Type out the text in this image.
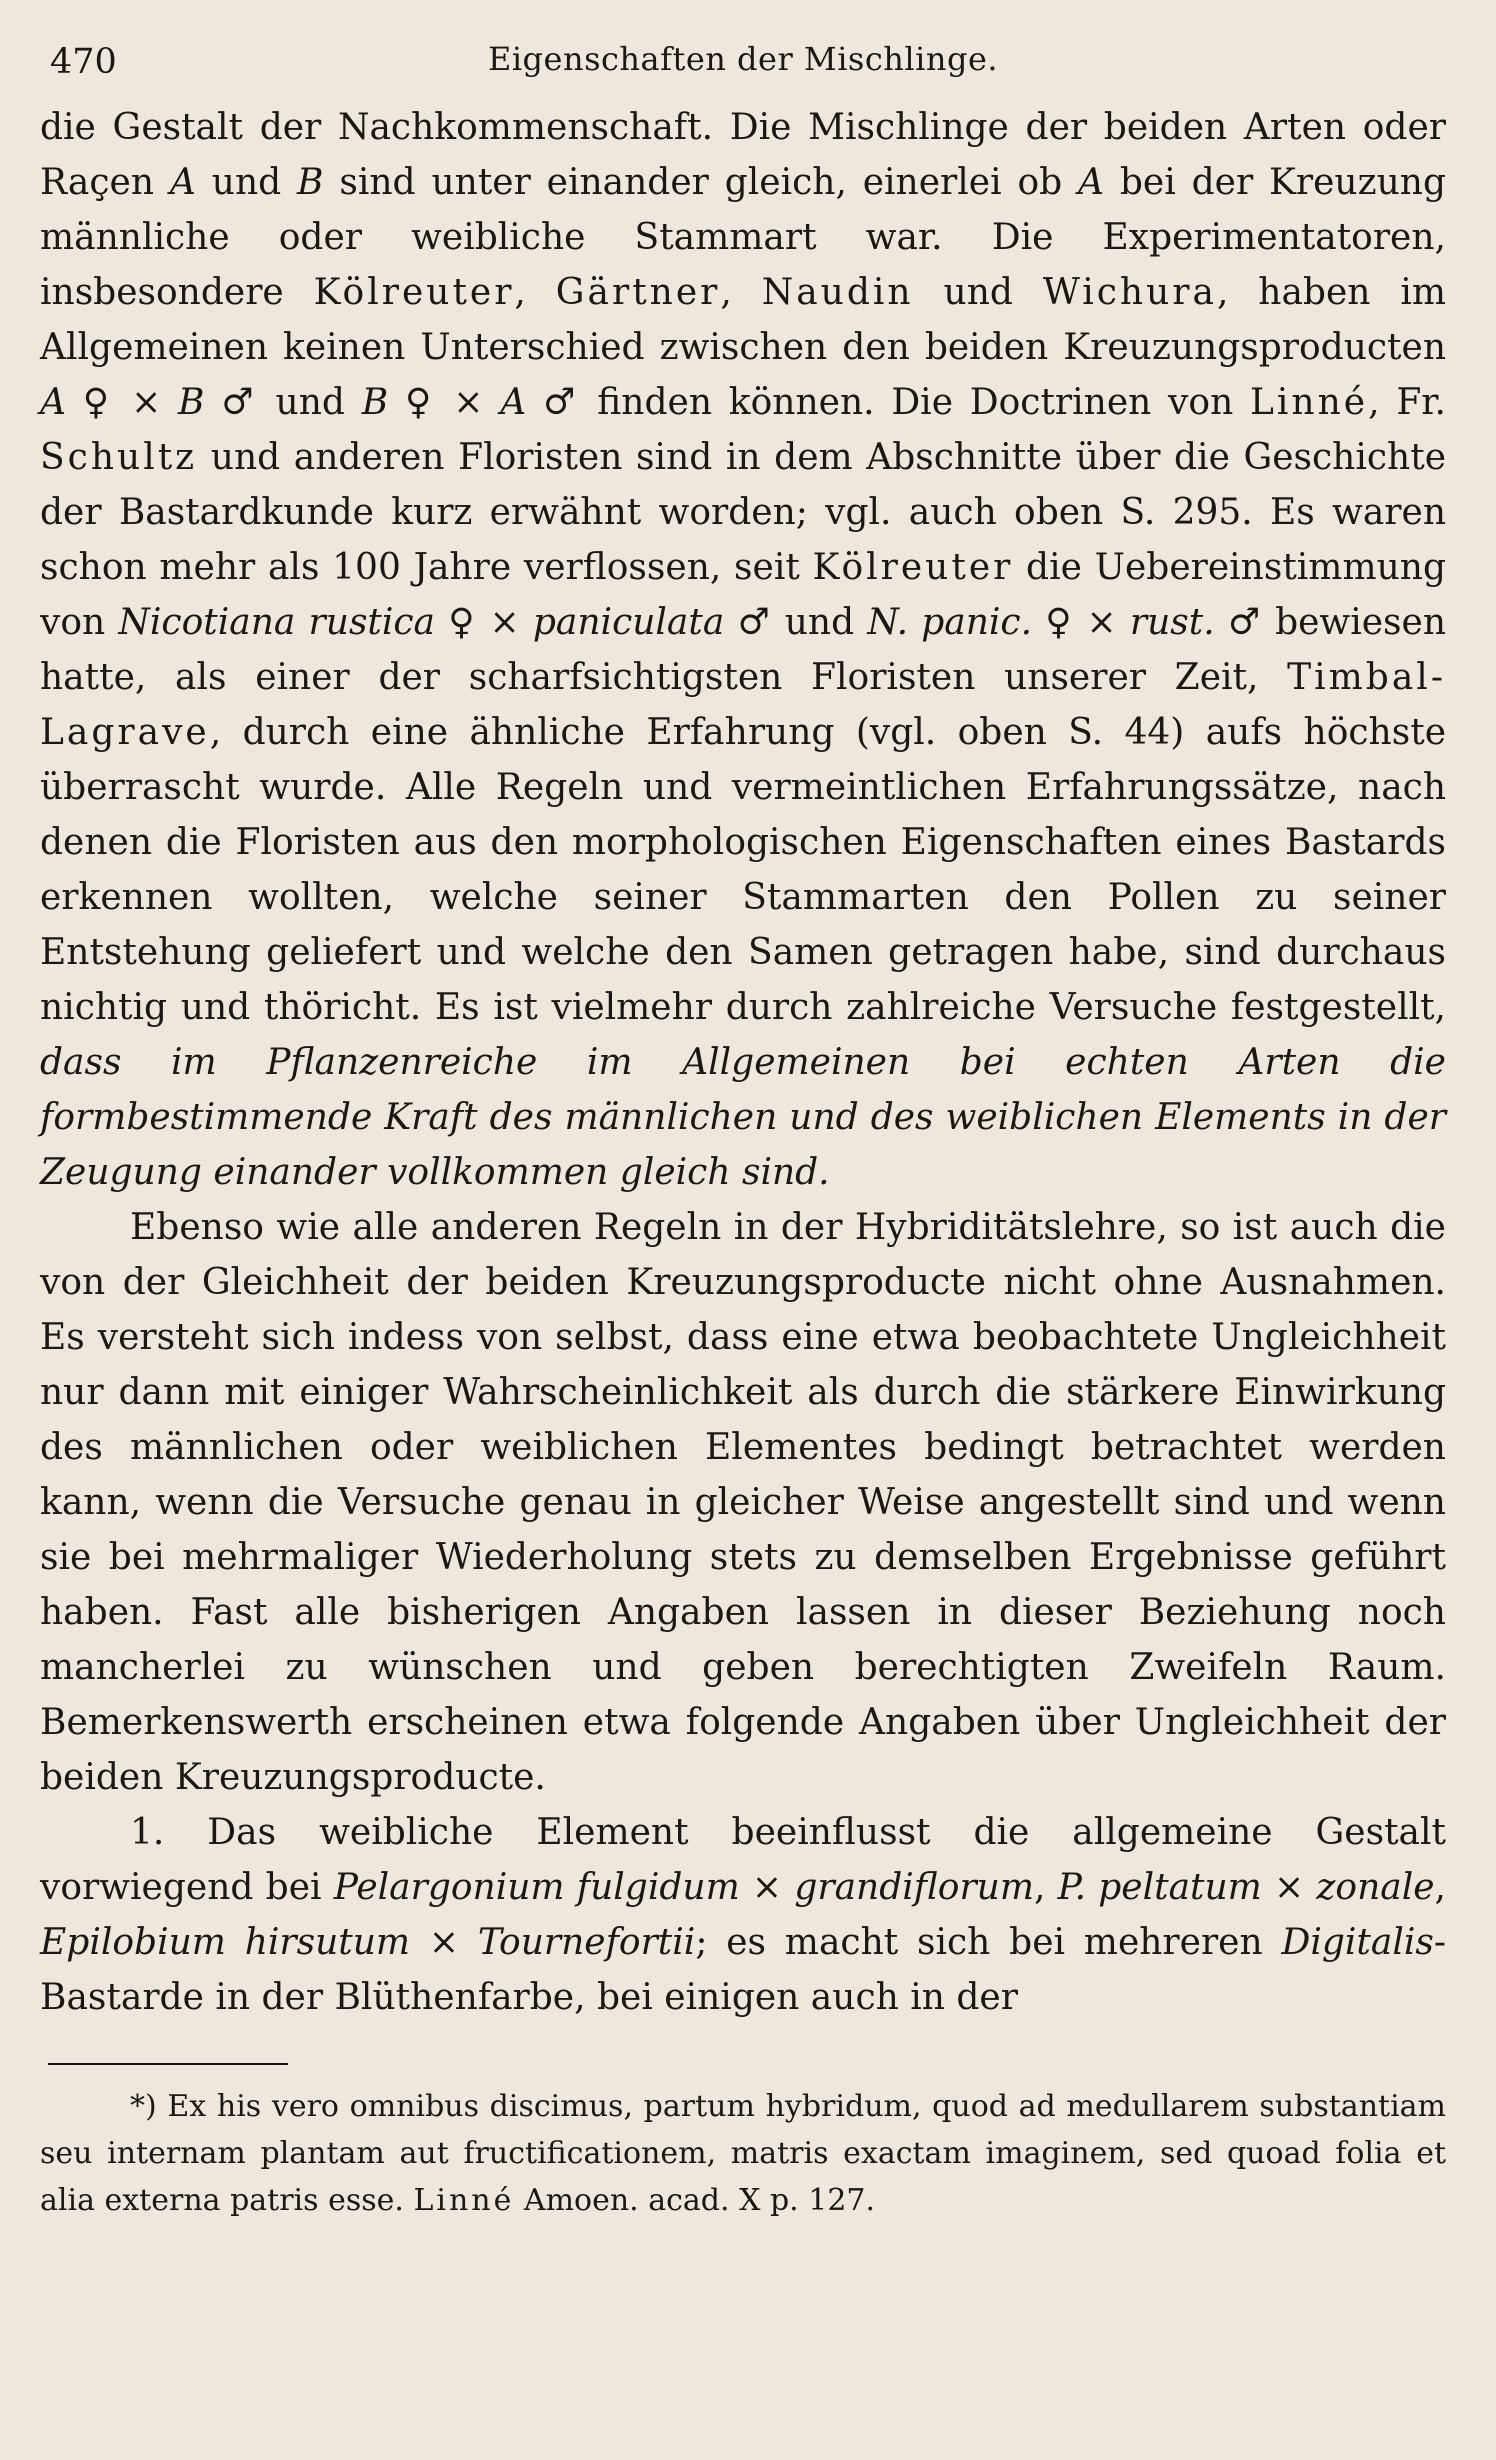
470	Eigenschaften der Mischlinge.

die Gestalt der Nachkommenschaft. Die Mischlinge der beiden Arten oder Raçen A und B sind unter einander gleich, einerlei ob A bei der Kreuzung männliche oder weibliche Stammart war. Die Experimentatoren, insbesondere Kölreuter, Gärtner, Naudin und Wichura, haben im Allgemeinen keinen Unterschied zwischen den beiden Kreuzungsproducten A ♀ × B ♂ und B ♀ × A ♂ finden können. Die Doctrinen von Linné, Fr. Schultz und anderen Floristen sind in dem Abschnitte über die Geschichte der Bastardkunde kurz erwähnt worden; vgl. auch oben S. 295. Es waren schon mehr als 100 Jahre verflossen, seit Kölreuter die Uebereinstimmung von Nicotiana rustica ♀ × paniculata ♂ und N. panic. ♀ × rust. ♂ bewiesen hatte, als einer der scharfsichtigsten Floristen unserer Zeit, Timbal-Lagrave, durch eine ähnliche Erfahrung (vgl. oben S. 44) aufs höchste überrascht wurde. Alle Regeln und vermeintlichen Erfahrungssätze, nach denen die Floristen aus den morphologischen Eigenschaften eines Bastards erkennen wollten, welche seiner Stammarten den Pollen zu seiner Entstehung geliefert und welche den Samen getragen habe, sind durchaus nichtig und thöricht. Es ist vielmehr durch zahlreiche Versuche festgestellt, dass im Pflanzenreiche im Allgemeinen bei echten Arten die formbestimmende Kraft des männlichen und des weiblichen Elements in der Zeugung einander vollkommen gleich sind.

Ebenso wie alle anderen Regeln in der Hybriditätslehre, so ist auch die von der Gleichheit der beiden Kreuzungsproducte nicht ohne Ausnahmen. Es versteht sich indess von selbst, dass eine etwa beobachtete Ungleichheit nur dann mit einiger Wahrscheinlichkeit als durch die stärkere Einwirkung des männlichen oder weiblichen Elementes bedingt betrachtet werden kann, wenn die Versuche genau in gleicher Weise angestellt sind und wenn sie bei mehrmaliger Wiederholung stets zu demselben Ergebnisse geführt haben. Fast alle bisherigen Angaben lassen in dieser Beziehung noch mancherlei zu wünschen und geben berechtigten Zweifeln Raum. Bemerkenswerth erscheinen etwa folgende Angaben über Ungleichheit der beiden Kreuzungsproducte.

1. Das weibliche Element beeinflusst die allgemeine Gestalt vorwiegend bei Pelargonium fulgidum × grandiflorum, P. peltatum × zonale, Epilobium hirsutum × Tournefortii; es macht sich bei mehreren Digitalis-Bastarde in der Blüthenfarbe, bei einigen auch in der

*) Ex his vero omnibus discimus, partum hybridum, quod ad medullarem substantiam seu internam plantam aut fructificationem, matris exactam imaginem, sed quoad folia et alia externa patris esse. Linné Amoen. acad. X p. 127.
